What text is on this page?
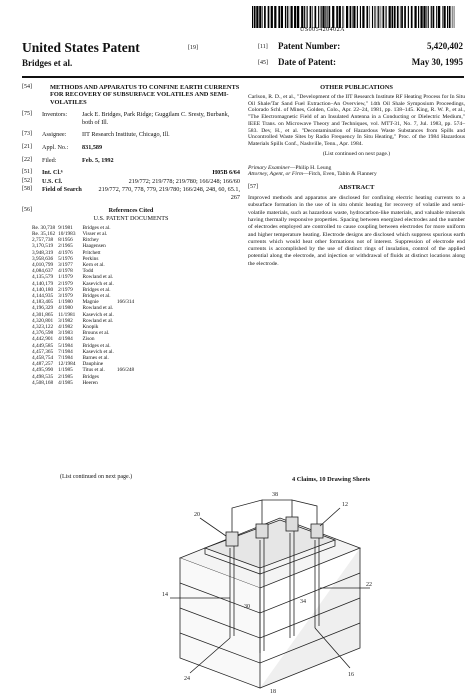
US005420402A
United States Patent	[19]
Bridges et al.
[11] Patent Number:	5,420,402
[45] Date of Patent:	May 30, 1995
[54]	METHODS AND APPARATUS TO CONFINE EARTH CURRENTS FOR RECOVERY OF SUBSURFACE VOLATILES AND SEMI-VOLATILES
[75]	Inventors: Jack E. Bridges, Park Ridge; Guggilam C. Sresty, Burbank, both of Ill.
[73]	Assignee:	IIT Research Institute, Chicago, Ill.
[21]	Appl. No.: 831,589
[22]	Filed:	Feb. 5, 1992
[51]	Int. Cl.⁶	H05B 6/64
[52]	U.S. Cl.	219/772; 219/778; 219/780; 166/248; 166/60
[58]	Field of Search	219/772, 770, 778, 779, 219/780; 166/248, 248, 60, 65.1, 267
[56]	References Cited
U.S. PATENT DOCUMENTS
Re. 30,738	9/1981	Bridges et al.	
Re. 35,162	10/1983	Visser et al.	
2,757,738	8/1956	Ritchey	
3,170,519	2/1965	Haagensen	
3,948,319	4/1976	Pritchett	
3,958,636	5/1976	Perkins	
4,010,799	3/1977	Kern et al.	
4,084,637	4/1978	Todd	
4,135,579	1/1979	Rowland et al.	
4,140,179	2/1979	Kasevich et al.	
4,140,180	2/1979	Bridges et al.	
4,144,935	3/1979	Bridges et al.	
4,183,405	1/1980	Magnie	166/314
4,196,329	4/1980	Rowland et al.	
4,301,865	11/1981	Kasevich et al.	
4,320,801	3/1982	Rowland et al.	
4,323,122	4/1982	Knopik	
4,376,598	3/1983	Brouns et al.	
4,442,901	4/1984	Zison	
4,449,585	5/1984	Bridges et al.	
4,457,365	7/1984	Kasevich et al.	
4,458,754	7/1984	Barnes et al.	
4,487,257	12/1984	Dauphine	
4,495,990	1/1985	Titus et al.	166/248
4,498,535	2/1985	Bridges	
4,508,168	4/1985	Heeren	
(List continued on next page.)
OTHER PUBLICATIONS
Carlson, R. D., et al., "Development of the IIT Research Institute RF Heating Process for In Situ Oil Shale/Tar Sand Fuel Extraction–An Overview," 14th Oil Shale Symposium Proceedings, Colorado Schl. of Mines, Golden, Colo., Apr. 22–24, 1981, pp. 138–145. King, R. W. P., et al., "The Electromagnetic Field of an Insulated Antenna in a Conducting or Dielectric Medium," IEEE Trans. on Microwave Theory and Techniques, vol. MTT-31, No. 7, Jul. 1983, pp. 574–583. Dev, H., et al. "Decontamination of Hazardous Waste Substances from Spills and Uncontrolled Waste Sites by Radio Frequency In Situ Heating," Proc. of the 1984 Hazardous Materials Spills Conf., Nashville, Tenn., Apr. 1984.
(List continued on next page.)
Primary Examiner—Philip H. Leung
Attorney, Agent, or Firm—Fitch, Even, Tabin & Flannery
[57]	ABSTRACT
Improved methods and apparatus are disclosed for confining electric heating currents to a subsurface formation in the use of in situ ohmic heating for recovery of volatile and semi-volatile materials, such as hazardous waste, hydrocarbon-like materials, and valuable minerals having thermally responsive properties. Spacing between energized electrodes and the number of electrodes employed are controlled to cause coupling between electrodes for more uniform and higher temperature heating. Electrode designs are disclosed which suppress spurious earth currents which would heat other formations not of interest. Suppression of electrode end currents is accomplished by the use of distinct rings of insulation, control of the applied potential along the electrode, and injection or withdrawal of fluids at distinct locations along the electrode.
4 Claims, 10 Drawing Sheets
20
12
14
22
24
16
18
30
34
38
